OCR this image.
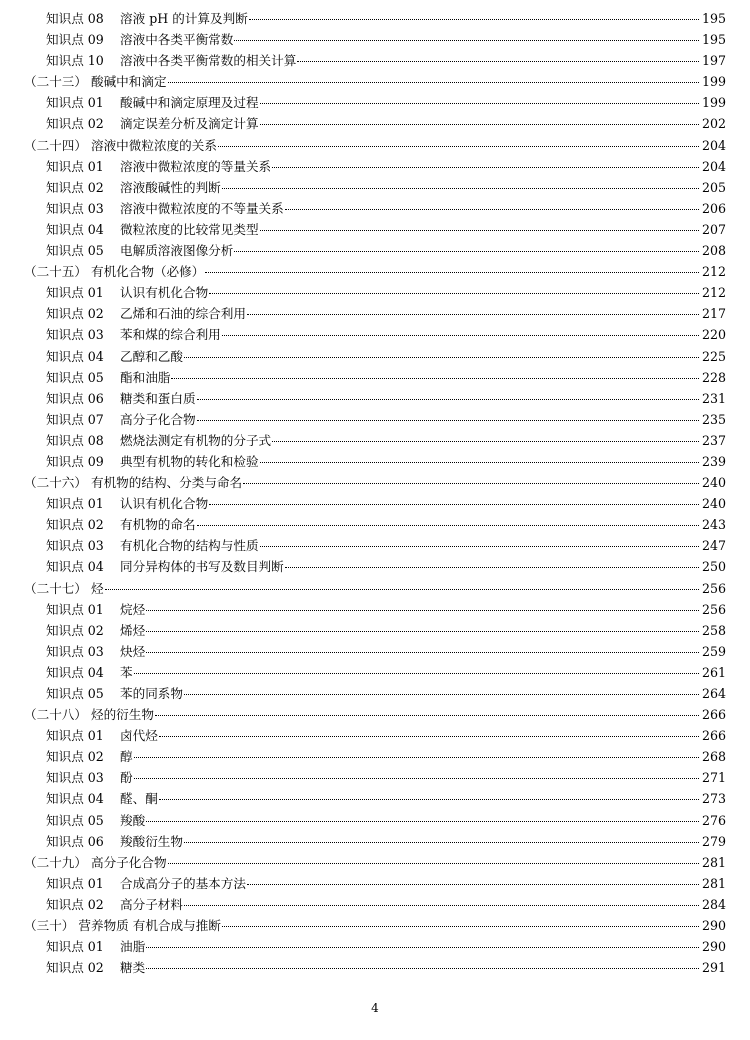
知识点 08 溶液 pH 的计算及判断	195
知识点 09 溶液中各类平衡常数	195
知识点 10 溶液中各类平衡常数的相关计算	197
（二十三） 酸碱中和滴定	199
知识点 01 酸碱中和滴定原理及过程	199
知识点 02 滴定误差分析及滴定计算	202
（二十四） 溶液中微粒浓度的关系	204
知识点 01 溶液中微粒浓度的等量关系	204
知识点 02 溶液酸碱性的判断	205
知识点 03 溶液中微粒浓度的不等量关系	206
知识点 04 微粒浓度的比较常见类型	207
知识点 05 电解质溶液图像分析	208
（二十五） 有机化合物（必修）	212
知识点 01 认识有机化合物	212
知识点 02 乙烯和石油的综合利用	217
知识点 03 苯和煤的综合利用	220
知识点 04 乙醇和乙酸	225
知识点 05 酯和油脂	228
知识点 06 糖类和蛋白质	231
知识点 07 高分子化合物	235
知识点 08 燃烧法测定有机物的分子式	237
知识点 09 典型有机物的转化和检验	239
（二十六） 有机物的结构、分类与命名	240
知识点 01 认识有机化合物	240
知识点 02 有机物的命名	243
知识点 03 有机化合物的结构与性质	247
知识点 04 同分异构体的书写及数目判断	250
（二十七） 烃	256
知识点 01 烷烃	256
知识点 02 烯烃	258
知识点 03 炔烃	259
知识点 04 苯	261
知识点 05 苯的同系物	264
（二十八） 烃的衍生物	266
知识点 01 卤代烃	266
知识点 02 醇	268
知识点 03 酚	271
知识点 04 醛、酮	273
知识点 05 羧酸	276
知识点 06 羧酸衍生物	279
（二十九） 高分子化合物	281
知识点 01 合成高分子的基本方法	281
知识点 02 高分子材料	284
（三十） 营养物质 有机合成与推断	290
知识点 01 油脂	290
知识点 02 糖类	291
4
